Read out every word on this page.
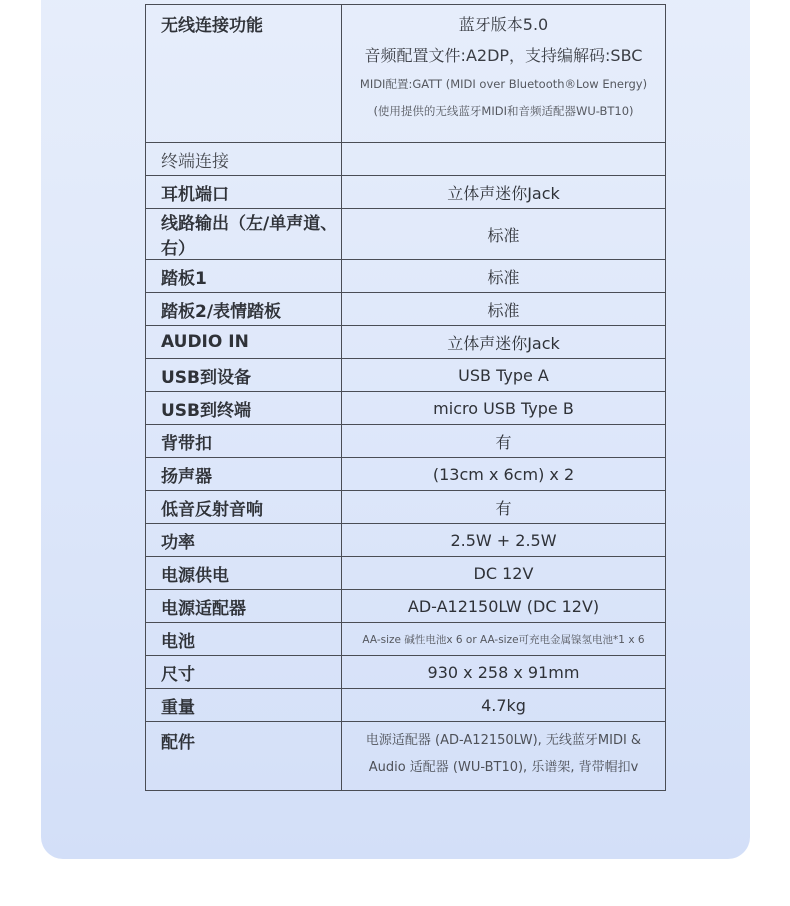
无线连接功能	蓝牙版本5.0
音频配置文件:A2DP，支持编解码:SBC
MIDI配置:GATT (MIDI over Bluetooth®Low Energy)
(使用提供的无线蓝牙MIDI和音频适配器WU-BT10)

终端连接	
耳机端口	立体声迷你Jack
线路输出（左/单声道、右）	标准
踏板1	标准
踏板2/表情踏板	标准
AUDIO IN	立体声迷你Jack
USB到设备	USB Type A
USB到终端	micro USB Type B
背带扣	有
扬声器	(13cm x 6cm) x 2
低音反射音响	有
功率	2.5W + 2.5W
电源供电	DC 12V
电源适配器	AD-A12150LW (DC 12V)
电池	AA-size 碱性电池x 6 or AA-size可充电金属镍氢电池*1 x 6
尺寸	930 x 258 x 91mm
重量	4.7kg
配件	电源适配器 (AD-A12150LW), 无线蓝牙MIDI &
Audio 适配器 (WU-BT10), 乐谱架, 背带帽扣v
